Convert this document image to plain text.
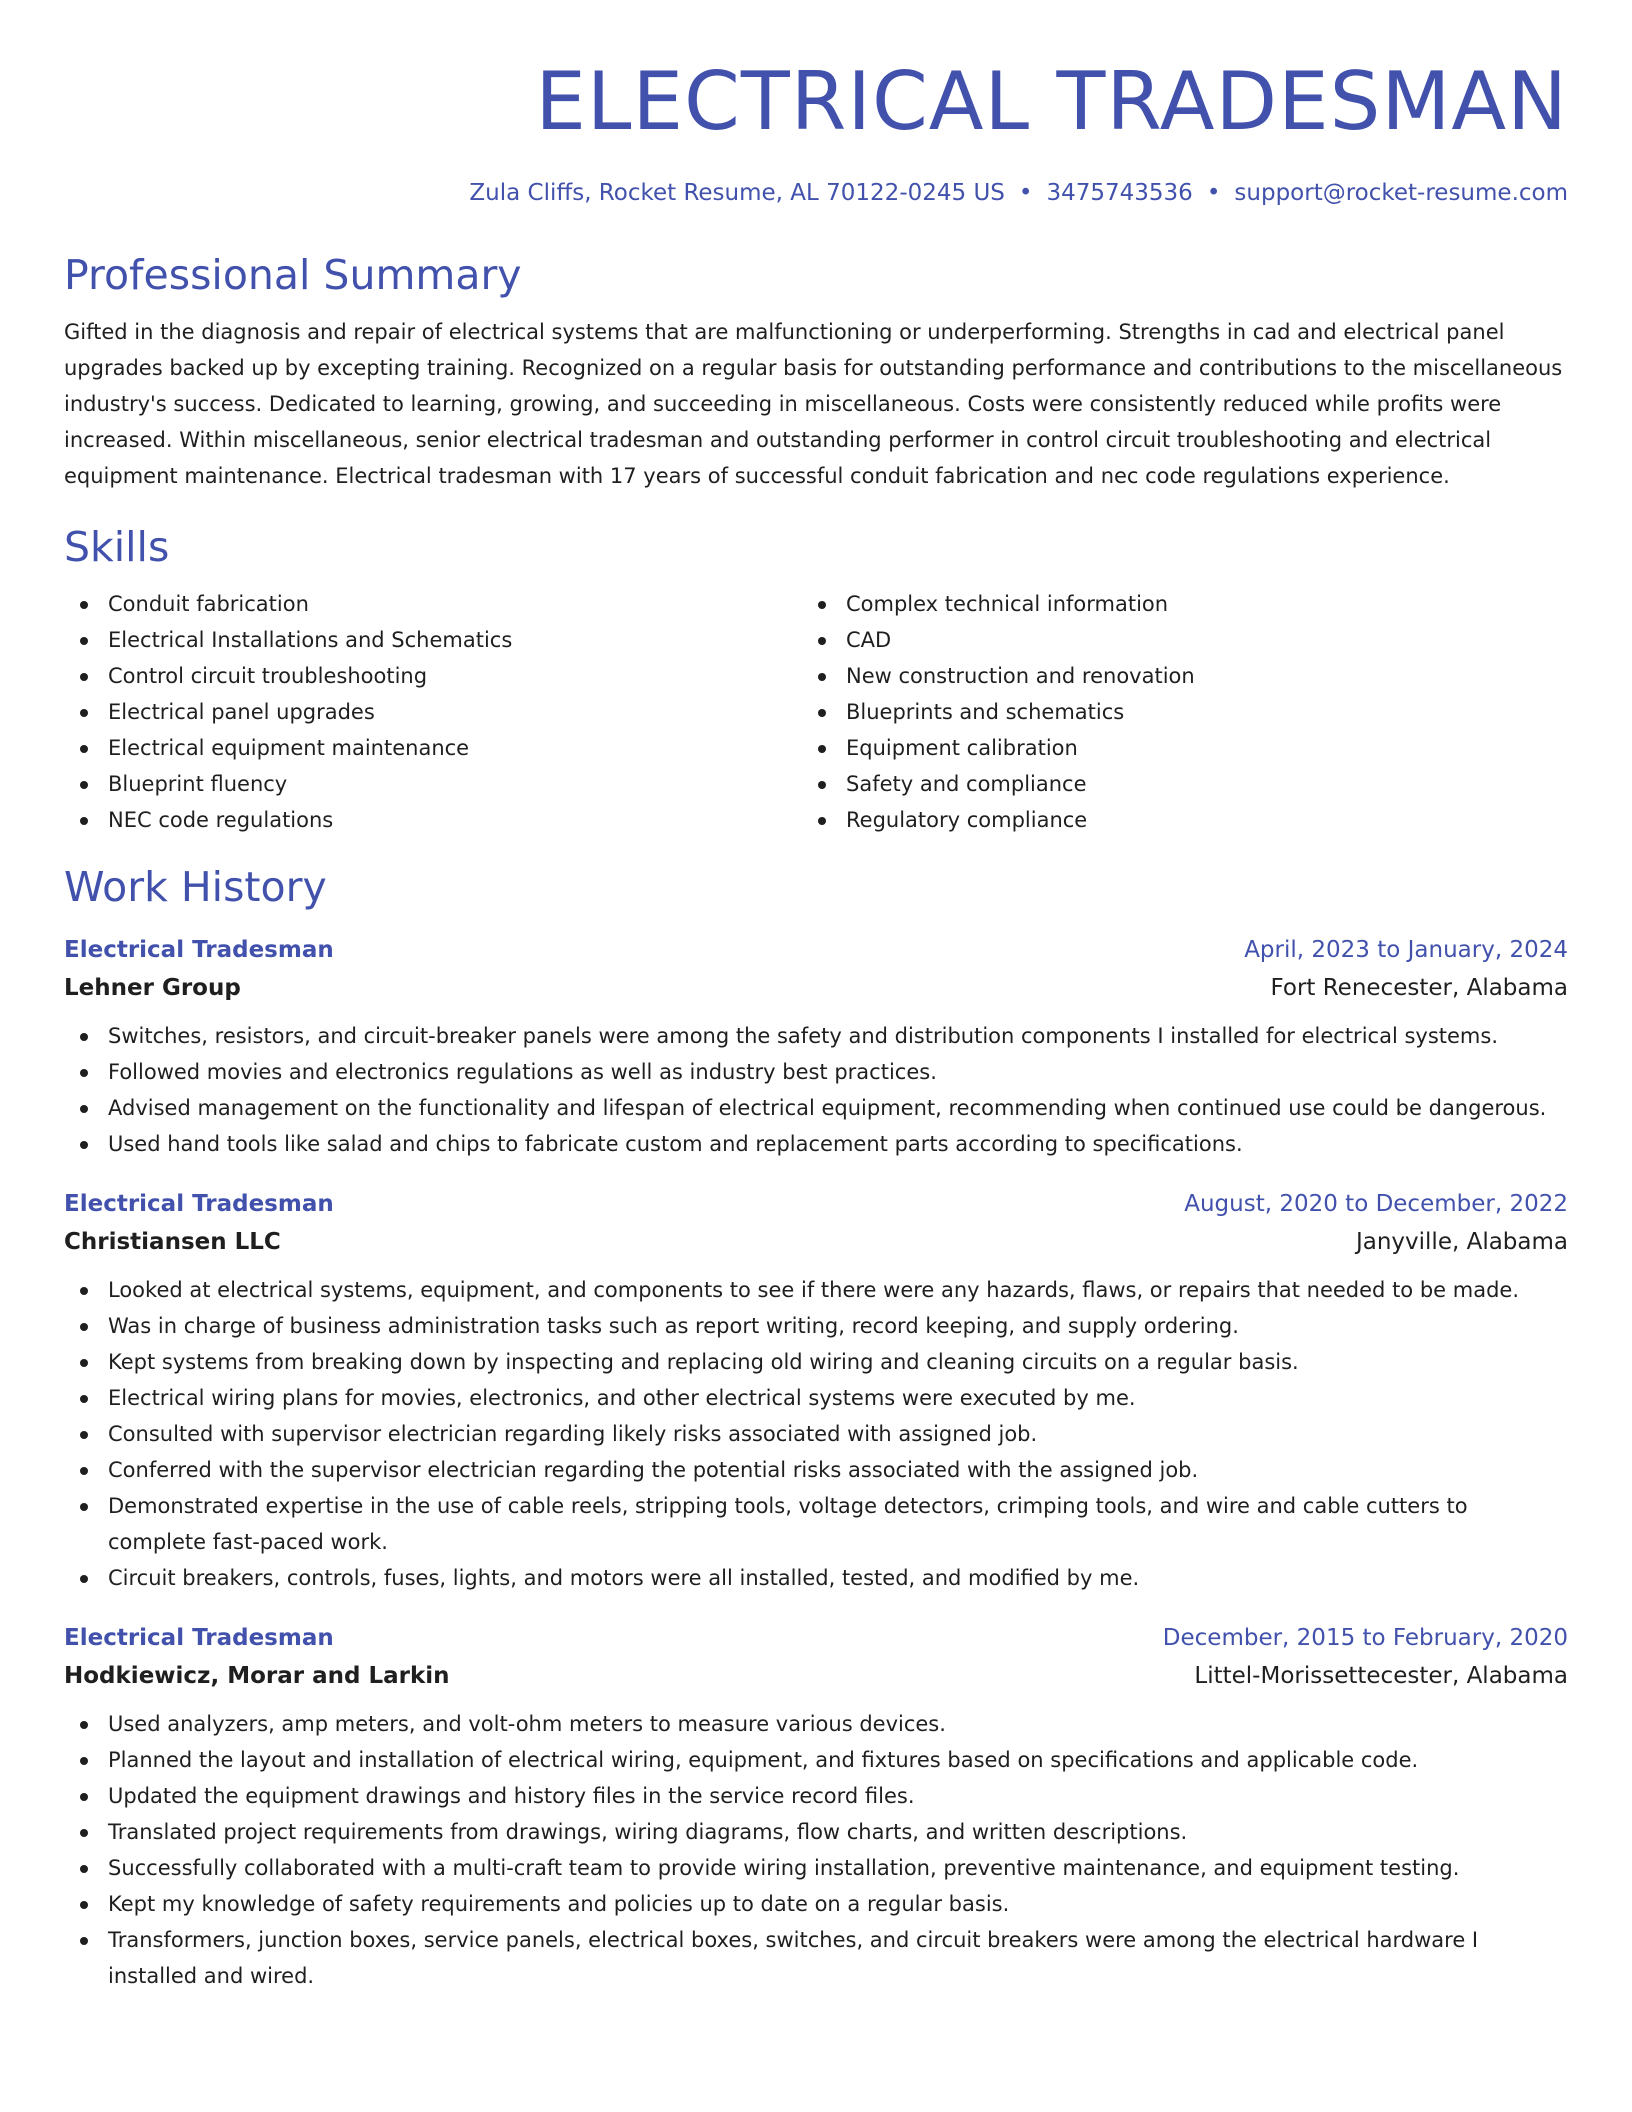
ELECTRICAL TRADESMAN
Zula Cliffs, Rocket Resume, AL 70122-0245 US • 3475743536 • support@rocket-resume.com
Professional Summary

Gifted in the diagnosis and repair of electrical systems that are malfunctioning or underperforming. Strengths in cad and electrical panel upgrades backed up by excepting training. Recognized on a regular basis for outstanding performance and contributions to the miscellaneous industry's success. Dedicated to learning, growing, and succeeding in miscellaneous. Costs were consistently reduced while profits were increased. Within miscellaneous, senior electrical tradesman and outstanding performer in control circuit troubleshooting and electrical equipment maintenance. Electrical tradesman with 17 years of successful conduit fabrication and nec code regulations experience.

Skills
Conduit fabrication
Electrical Installations and Schematics
Control circuit troubleshooting
Electrical panel upgrades
Electrical equipment maintenance
Blueprint fluency
NEC code regulations
Complex technical information
CAD
New construction and renovation
Blueprints and schematics
Equipment calibration
Safety and compliance
Regulatory compliance
Work History
Electrical Tradesman	April, 2023 to January, 2024
Lehner Group	Fort Renecester, Alabama
Switches, resistors, and circuit-breaker panels were among the safety and distribution components I installed for electrical systems.
Followed movies and electronics regulations as well as industry best practices.
Advised management on the functionality and lifespan of electrical equipment, recommending when continued use could be dangerous.
Used hand tools like salad and chips to fabricate custom and replacement parts according to specifications.
Electrical Tradesman	August, 2020 to December, 2022
Christiansen LLC	Janyville, Alabama
Looked at electrical systems, equipment, and components to see if there were any hazards, flaws, or repairs that needed to be made.
Was in charge of business administration tasks such as report writing, record keeping, and supply ordering.
Kept systems from breaking down by inspecting and replacing old wiring and cleaning circuits on a regular basis.
Electrical wiring plans for movies, electronics, and other electrical systems were executed by me.
Consulted with supervisor electrician regarding likely risks associated with assigned job.
Conferred with the supervisor electrician regarding the potential risks associated with the assigned job.
Demonstrated expertise in the use of cable reels, stripping tools, voltage detectors, crimping tools, and wire and cable cutters to complete fast-paced work.
Circuit breakers, controls, fuses, lights, and motors were all installed, tested, and modified by me.
Electrical Tradesman	December, 2015 to February, 2020
Hodkiewicz, Morar and Larkin	Littel-Morissettecester, Alabama
Used analyzers, amp meters, and volt-ohm meters to measure various devices.
Planned the layout and installation of electrical wiring, equipment, and fixtures based on specifications and applicable code.
Updated the equipment drawings and history files in the service record files.
Translated project requirements from drawings, wiring diagrams, flow charts, and written descriptions.
Successfully collaborated with a multi-craft team to provide wiring installation, preventive maintenance, and equipment testing.
Kept my knowledge of safety requirements and policies up to date on a regular basis.
Transformers, junction boxes, service panels, electrical boxes, switches, and circuit breakers were among the electrical hardware I installed and wired.
